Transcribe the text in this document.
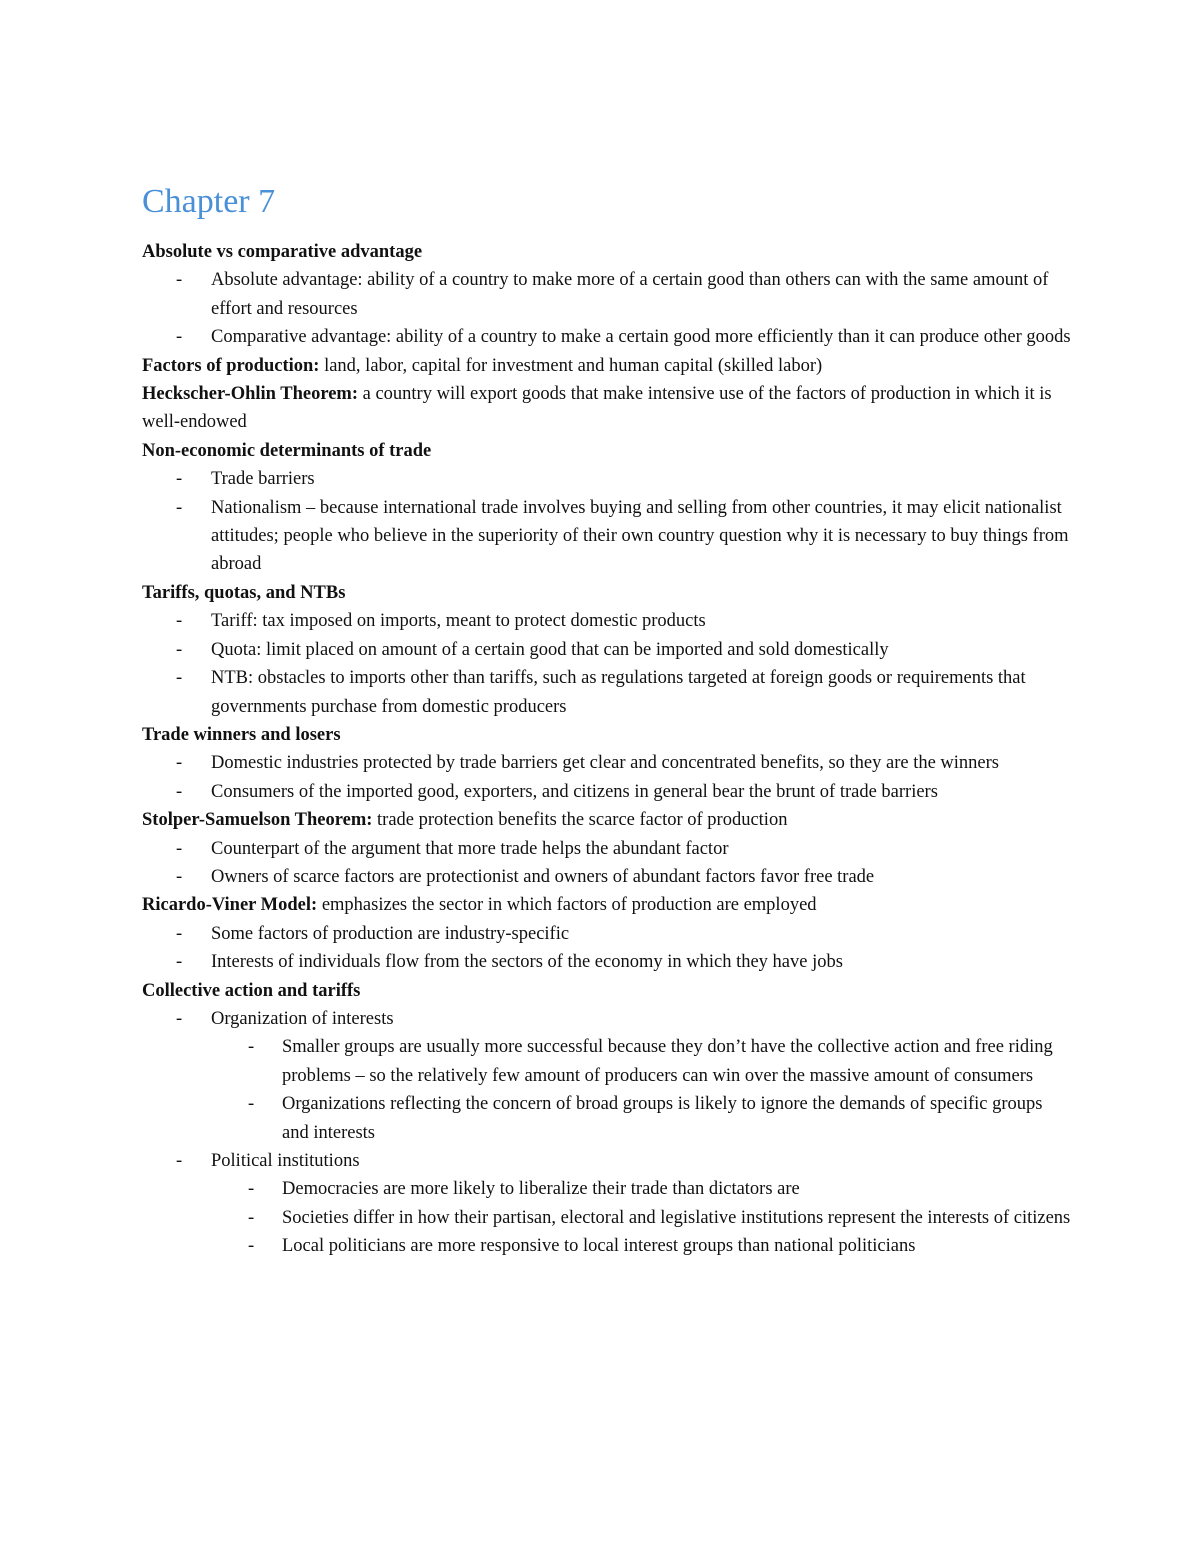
Chapter 7

Absolute vs comparative advantage

- Absolute advantage: ability of a country to make more of a certain good than others can with the same amount of effort and resources
- Comparative advantage: ability of a country to make a certain good more efficiently than it can produce other goods

Factors of production: land, labor, capital for investment and human capital (skilled labor)

Heckscher-Ohlin Theorem: a country will export goods that make intensive use of the factors of production in which it is well-endowed

Non-economic determinants of trade

- Trade barriers
- Nationalism – because international trade involves buying and selling from other countries, it may elicit nationalist attitudes; people who believe in the superiority of their own country question why it is necessary to buy things from abroad

Tariffs, quotas, and NTBs

- Tariff: tax imposed on imports, meant to protect domestic products
- Quota: limit placed on amount of a certain good that can be imported and sold domestically
- NTB: obstacles to imports other than tariffs, such as regulations targeted at foreign goods or requirements that governments purchase from domestic producers

Trade winners and losers

- Domestic industries protected by trade barriers get clear and concentrated benefits, so they are the winners
- Consumers of the imported good, exporters, and citizens in general bear the brunt of trade barriers

Stolper-Samuelson Theorem: trade protection benefits the scarce factor of production

- Counterpart of the argument that more trade helps the abundant factor
- Owners of scarce factors are protectionist and owners of abundant factors favor free trade

Ricardo-Viner Model: emphasizes the sector in which factors of production are employed

- Some factors of production are industry-specific
- Interests of individuals flow from the sectors of the economy in which they have jobs

Collective action and tariffs

- Organization of interests
- Smaller groups are usually more successful because they don’t have the collective action and free riding problems – so the relatively few amount of producers can win over the massive amount of consumers
- Organizations reflecting the concern of broad groups is likely to ignore the demands of specific groups and interests
- Political institutions
- Democracies are more likely to liberalize their trade than dictators are
- Societies differ in how their partisan, electoral and legislative institutions represent the interests of citizens
- Local politicians are more responsive to local interest groups than national politicians
